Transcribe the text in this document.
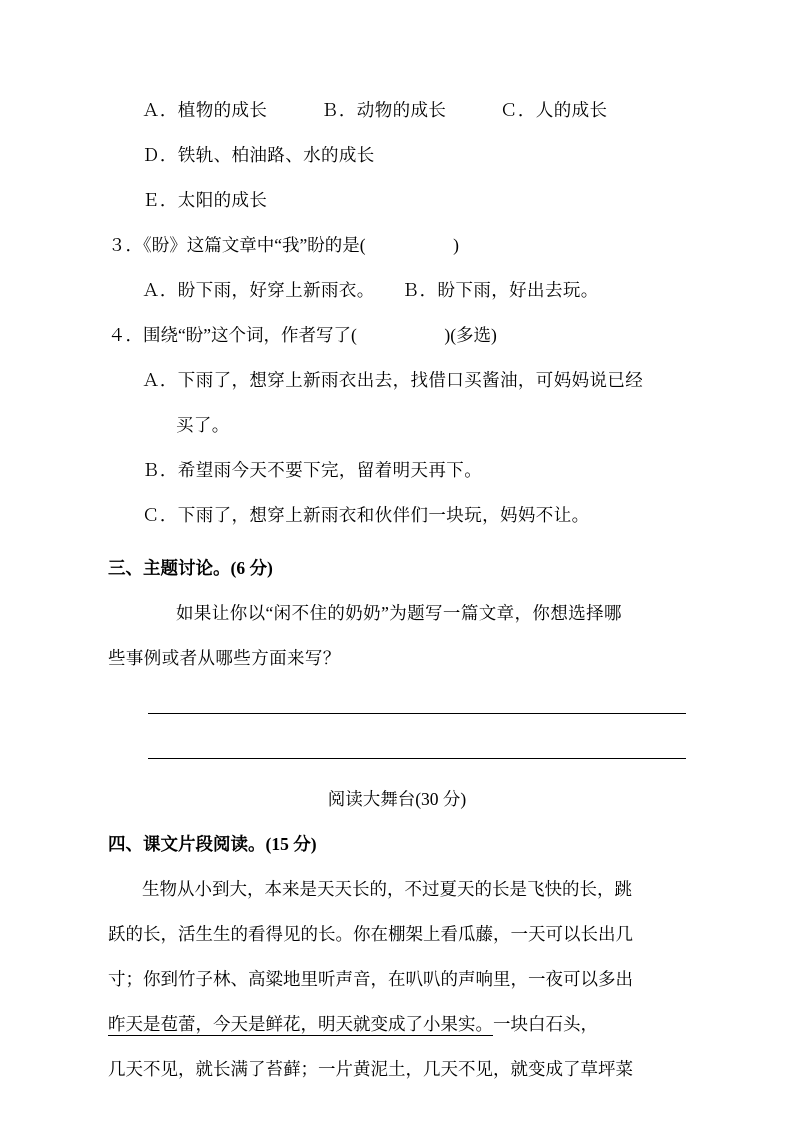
Ａ．植物的成长　　　Ｂ．动物的成长　　　Ｃ．人的成长
Ｄ．铁轨、柏油路、水的成长
Ｅ．太阳的成长
３．《盼》这篇文章中“我”盼的是(　　　　　)
Ａ．盼下雨，好穿上新雨衣。　　Ｂ．盼下雨，好出去玩。
４．围绕“盼”这个词，作者写了(　　　　　)(多选)
Ａ．下雨了，想穿上新雨衣出去，找借口买酱油，可妈妈说已经
买了。
Ｂ．希望雨今天不要下完，留着明天再下。
Ｃ．下雨了，想穿上新雨衣和伙伴们一块玩，妈妈不让。
三、主题讨论。(6 分)
如果让你以“闲不住的奶奶”为题写一篇文章，你想选择哪
些事例或者从哪些方面来写？
阅读大舞台(30 分)
四、课文片段阅读。(15 分)
生物从小到大，本来是天天长的，不过夏天的长是飞快的长，跳
跃的长，活生生的看得见的长。你在棚架上看瓜藤，一天可以长出几
寸；你到竹子林、高粱地里听声音，在叭叭的声响里，一夜可以多出
昨天是苞蕾，今天是鲜花，明天就变成了小果实。一块白石头，
几天不见，就长满了苔藓；一片黄泥土，几天不见，就变成了草坪菜
